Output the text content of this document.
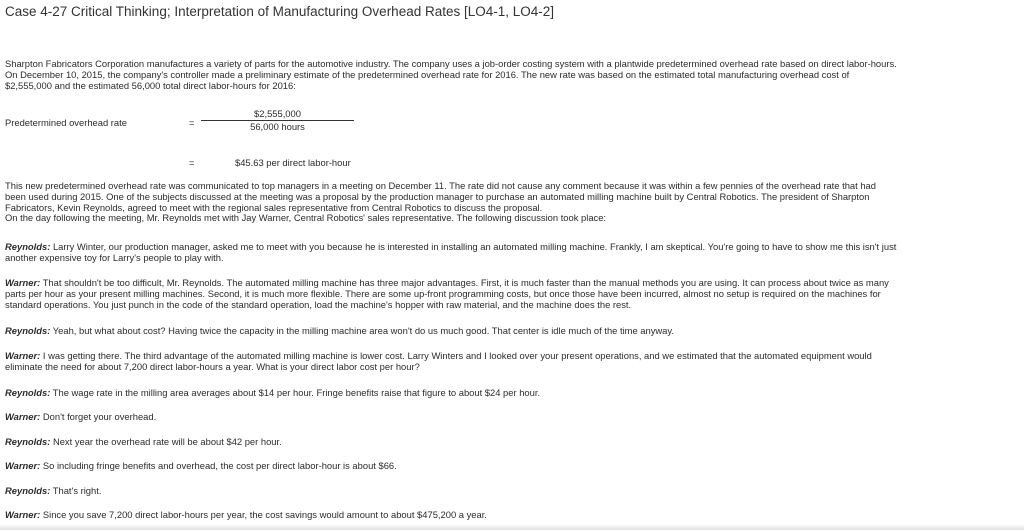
Case 4-27 Critical Thinking; Interpretation of Manufacturing Overhead Rates [LO4-1, LO4-2]
Sharpton Fabricators Corporation manufactures a variety of parts for the automotive industry. The company uses a job-order costing system with a plantwide predetermined overhead rate based on direct labor-hours.
On December 10, 2015, the company's controller made a preliminary estimate of the predetermined overhead rate for 2016. The new rate was based on the estimated total manufacturing overhead cost of
$2,555,000 and the estimated 56,000 total direct labor-hours for 2016:
Predetermined overhead rate	=
$2,555,000
56,000 hours
=	$45.63 per direct labor-hour
This new predetermined overhead rate was communicated to top managers in a meeting on December 11. The rate did not cause any comment because it was within a few pennies of the overhead rate that had
been used during 2015. One of the subjects discussed at the meeting was a proposal by the production manager to purchase an automated milling machine built by Central Robotics. The president of Sharpton
Fabricators, Kevin Reynolds, agreed to meet with the regional sales representative from Central Robotics to discuss the proposal.
On the day following the meeting, Mr. Reynolds met with Jay Warner, Central Robotics' sales representative. The following discussion took place:
Reynolds: Larry Winter, our production manager, asked me to meet with you because he is interested in installing an automated milling machine. Frankly, I am skeptical. You're going to have to show me this isn't just
another expensive toy for Larry's people to play with.
Warner: That shouldn't be too difficult, Mr. Reynolds. The automated milling machine has three major advantages. First, it is much faster than the manual methods you are using. It can process about twice as many
parts per hour as your present milling machines. Second, it is much more flexible. There are some up-front programming costs, but once those have been incurred, almost no setup is required on the machines for
standard operations. You just punch in the code of the standard operation, load the machine's hopper with raw material, and the machine does the rest.
Reynolds: Yeah, but what about cost? Having twice the capacity in the milling machine area won't do us much good. That center is idle much of the time anyway.
Warner: I was getting there. The third advantage of the automated milling machine is lower cost. Larry Winters and I looked over your present operations, and we estimated that the automated equipment would
eliminate the need for about 7,200 direct labor-hours a year. What is your direct labor cost per hour?
Reynolds: The wage rate in the milling area averages about $14 per hour. Fringe benefits raise that figure to about $24 per hour.
Warner: Don't forget your overhead.
Reynolds: Next year the overhead rate will be about $42 per hour.
Warner: So including fringe benefits and overhead, the cost per direct labor-hour is about $66.
Reynolds: That's right.
Warner: Since you save 7,200 direct labor-hours per year, the cost savings would amount to about $475,200 a year.
